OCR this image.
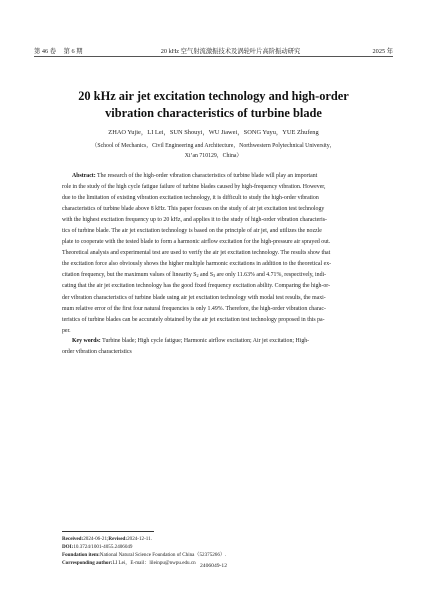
第 46 卷 第 6 期	20 kHz 空气射流激振技术及涡轮叶片高阶振动研究	2025 年
20 kHz air jet excitation technology and high-order
vibration characteristics of turbine blade
ZHAO Yujie，LI Lei，SUN Shouyi，WU Jiawei，SONG Yuyu，YUE Zhufeng
（School of Mechanics，Civil Engineering and Architecture，Northwestern Polytechnical University，
Xi’an 710129，China）
Abstract: The research of the high-order vibration characteristics of turbine blade will play an important
role in the study of the high cycle fatigue failure of turbine blades caused by high-frequency vibration. However,
due to the limitation of existing vibration excitation technology, it is difficult to study the high-order vibration
characteristics of turbine blade above 8 kHz. This paper focuses on the study of air jet excitation test technology
with the highest excitation frequency up to 20 kHz, and applies it to the study of high-order vibration characteris-
tics of turbine blade. The air jet excitation technology is based on the principle of air jet, and utilizes the nozzle
plate to cooperate with the tested blade to form a harmonic airflow excitation for the high-pressure air sprayed out.
Theoretical analysis and experimental test are used to verify the air jet excitation technology. The results show that
the excitation force also obviously shows the higher multiple harmonic excitations in addition to the theoretical ex-
citation frequency, but the maximum values of linearity $S_2$ and $S_3$ are only 11.63% and 4.71%, respectively, indi-
cating that the air jet excitation technology has the good fixed frequency excitation ability. Comparing the high-or-
der vibration characteristics of turbine blade using air jet excitation technology with modal test results, the maxi-
mum relative error of the first four natural frequencies is only 1.49%. Therefore, the high-order vibration charac-
teristics of turbine blades can be accurately obtained by the air jet excitation test technology proposed in this pa-
per.
Key words: Turbine blade; High cycle fatigue; Harmonic airflow excitation; Air jet excitation; High-
order vibration characteristics
Received:2024-06-21;Revised:2024-12-11.
DOI:10.3724/1001-4055.2406049
Foundation item:National Natural Science Foundation of China（52375266）.
Corresponding author:LI Lei，E-mail：lileinpu@nwpu.edu.cn 2406049-12
